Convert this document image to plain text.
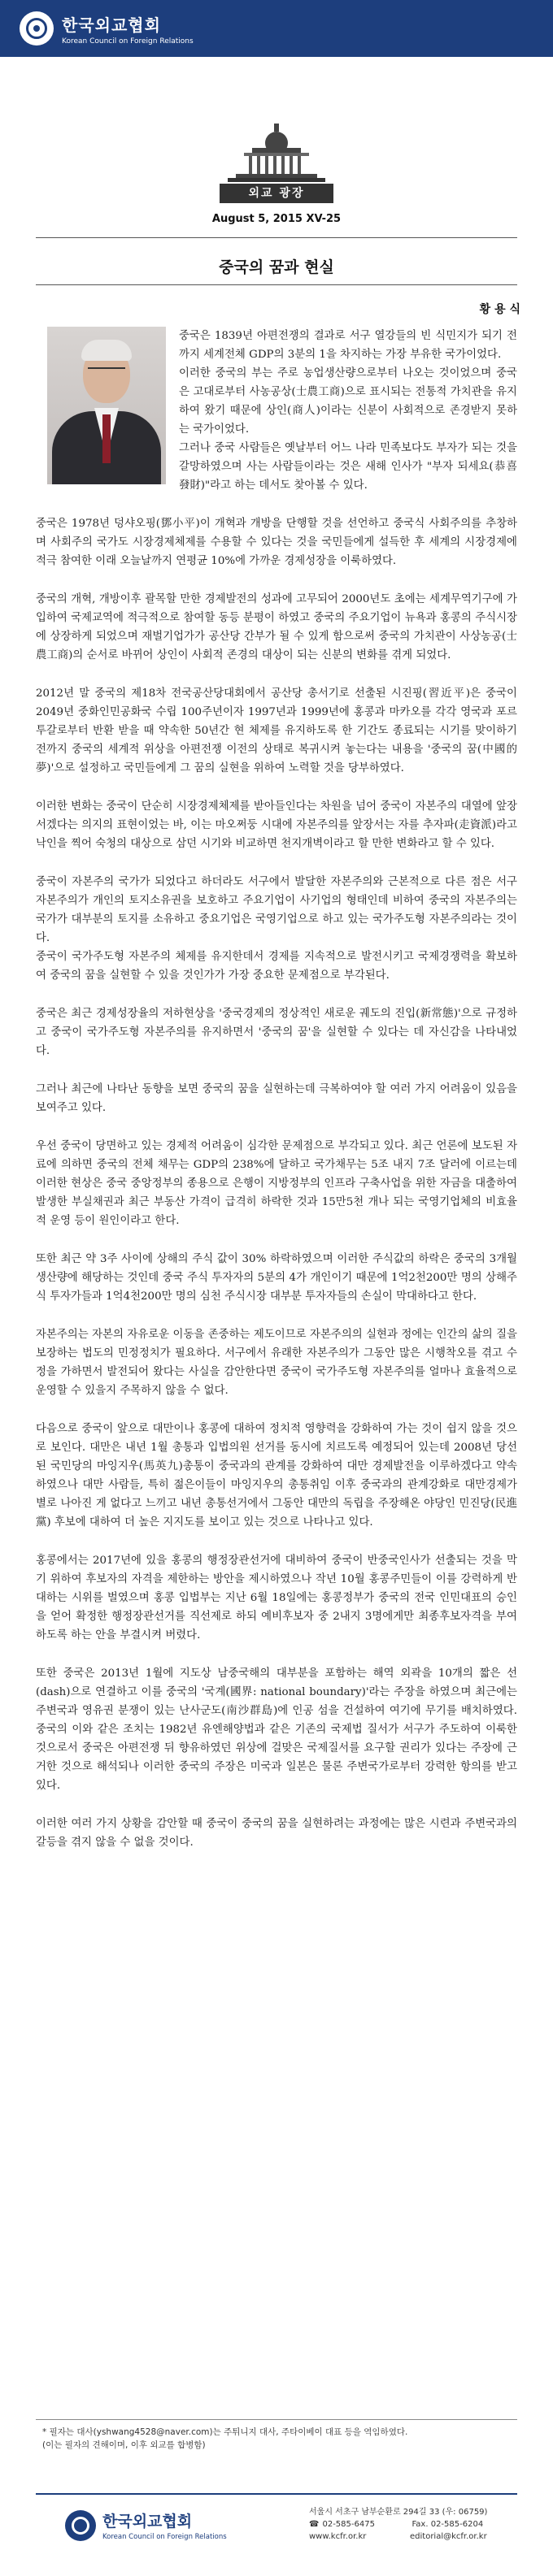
한국외교협회
Korean Council on Foreign Relations
외교 광장
August 5, 2015 XV-25
중국의 꿈과 현실
황 용 식

중국은 1839년 아편전쟁의 결과로 서구 열강들의 빈 식민지가 되기 전까지 세계전체 GDP의 3분의 1을 차지하는 가장 부유한 국가이었다.
이러한 중국의 부는 주로 농업생산량으로부터 나오는 것이었으며 중국은 고대로부터 사농공상(士農工商)으로 표시되는 전통적 가치관을 유지하여 왔기 때문에 상인(商人)이라는 신분이 사회적으로 존경받지 못하는 국가이었다.
그러나 중국 사람들은 옛날부터 어느 나라 민족보다도 부자가 되는 것을 갈망하였으며 사는 사람들이라는 것은 새해 인사가 "부자 되세요(恭喜發財)"라고 하는 데서도 찾아볼 수 있다.

중국은 1978년 덩샤오핑(鄧小平)이 개혁과 개방을 단행할 것을 선언하고 중국식 사회주의를 추창하며 사회주의 국가도 시장경제체제를 수용할 수 있다는 것을 국민들에게 설득한 후 세계의 시장경제에 적극 참여한 이래 오늘날까지 연평균 10%에 가까운 경제성장을 이룩하였다.

중국의 개혁, 개방이후 괄목할 만한 경제발전의 성과에 고무되어 2000년도 초에는 세계무역기구에 가입하여 국제교역에 적극적으로 참여할 동등 분평이 하였고 중국의 주요기업이 뉴욕과 홍콩의 주식시장에 상장하게 되었으며 재벌기업가가 공산당 간부가 될 수 있게 함으로써 중국의 가치관이 사상농공(士農工商)의 순서로 바뀌어 상인이 사회적 존경의 대상이 되는 신분의 변화를 겪게 되었다.

2012년 말 중국의 제18차 전국공산당대회에서 공산당 총서기로 선출된 시진핑(習近平)은 중국이 2049년 중화인민공화국 수립 100주년이자 1997년과 1999년에 홍콩과 마카오를 각각 영국과 포르투갈로부터 반환 받을 때 약속한 50년간 현 체제를 유지하도록 한 기간도 종료되는 시기를 맞이하기 전까지 중국의 세계적 위상을 아편전쟁 이전의 상태로 복귀시켜 놓는다는 내용을 '중국의 꿈(中國的夢)'으로 설정하고 국민들에게 그 꿈의 실현을 위하여 노력할 것을 당부하였다.

이러한 변화는 중국이 단순히 시장경제체제를 받아들인다는 차원을 넘어 중국이 자본주의 대열에 앞장서겠다는 의지의 표현이었는 바, 이는 마오쩌둥 시대에 자본주의를 앞장서는 자를 추자파(走資派)라고 낙인을 찍어 숙청의 대상으로 삼던 시기와 비교하면 천지개벽이라고 할 만한 변화라고 할 수 있다.

중국이 자본주의 국가가 되었다고 하더라도 서구에서 발달한 자본주의와 근본적으로 다른 점은 서구 자본주의가 개인의 토지소유권을 보호하고 주요기업이 사기업의 형태인데 비하여 중국의 자본주의는 국가가 대부분의 토지를 소유하고 중요기업은 국영기업으로 하고 있는 국가주도형 자본주의라는 것이다.
중국이 국가주도형 자본주의 체제를 유지한데서 경제를 지속적으로 발전시키고 국제경쟁력을 확보하여 중국의 꿈을 실현할 수 있을 것인가가 가장 중요한 문제점으로 부각된다.

중국은 최근 경제성장율의 저하현상을 '중국경제의 정상적인 새로운 궤도의 진입(新常態)'으로 규정하고 중국이 국가주도형 자본주의를 유지하면서 '중국의 꿈'을 실현할 수 있다는 데 자신감을 나타내었다.

그러나 최근에 나타난 동향을 보면 중국의 꿈을 실현하는데 극복하여야 할 여러 가지 어려움이 있음을 보여주고 있다.

우선 중국이 당면하고 있는 경제적 어려움이 심각한 문제점으로 부각되고 있다. 최근 언론에 보도된 자료에 의하면 중국의 전체 채무는 GDP의 238%에 달하고 국가채무는 5조 내지 7조 달러에 이르는데 이러한 현상은 중국 중앙정부의 종용으로 은행이 지방정부의 인프라 구축사업을 위한 자금을 대출하여 발생한 부실채권과 최근 부동산 가격이 급격히 하락한 것과 15만5천 개나 되는 국영기업체의 비효율적 운영 등이 원인이라고 한다.

또한 최근 약 3주 사이에 상해의 주식 값이 30% 하락하였으며 이러한 주식값의 하락은 중국의 3개월 생산량에 해당하는 것인데 중국 주식 투자자의 5분의 4가 개인이기 때문에 1억2천200만 명의 상해주식 투자가들과 1억4천200만 명의 심천 주식시장 대부분 투자자들의 손실이 막대하다고 한다.

자본주의는 자본의 자유로운 이동을 존중하는 제도이므로 자본주의의 실현과 정에는 인간의 삶의 질을 보장하는 법도의 민정정치가 필요하다. 서구에서 유래한 자본주의가 그동안 많은 시행착오를 겪고 수정을 가하면서 발전되어 왔다는 사실을 감안한다면 중국이 국가주도형 자본주의를 얼마나 효율적으로 운영할 수 있을지 주목하지 않을 수 없다.

다음으로 중국이 앞으로 대만이나 홍콩에 대하여 정치적 영향력을 강화하여 가는 것이 쉽지 않을 것으로 보인다. 대만은 내년 1월 총통과 입법의원 선거를 동시에 치르도록 예정되어 있는데 2008년 당선된 국민당의 마잉지우(馬英九)총통이 중국과의 관계를 강화하여 대만 경제발전을 이루하겠다고 약속하였으나 대만 사람들, 특히 젊은이들이 마잉지우의 총통취임 이후 중국과의 관계강화로 대만경제가 별로 나아진 게 없다고 느끼고 내년 총통선거에서 그동안 대만의 독립을 주장해온 야당인 민진당(民進黨) 후보에 대하여 더 높은 지지도를 보이고 있는 것으로 나타나고 있다.

홍콩에서는 2017년에 있을 홍콩의 행정장관선거에 대비하여 중국이 반중국인사가 선출되는 것을 막기 위하여 후보자의 자격을 제한하는 방안을 제시하였으나 작년 10월 홍콩주민들이 이를 강력하게 반대하는 시위를 벌였으며 홍콩 입법부는 지난 6월 18일에는 홍콩정부가 중국의 전국 인민대표의 승인을 얻어 확정한 행정장관선거를 직선제로 하되 예비후보자 중 2내지 3명에게만 최종후보자격을 부여하도록 하는 안을 부결시켜 버렸다.

또한 중국은 2013년 1월에 지도상 남중국해의 대부분을 포함하는 해역 외곽을 10개의 짧은 선(dash)으로 연결하고 이를 중국의 '국계(國界: national boundary)'라는 주장을 하였으며 최근에는 주변국과 영유권 분쟁이 있는 난사군도(南沙群島)에 인공 섬을 건설하여 여기에 무기를 배치하였다. 중국의 이와 같은 조치는 1982년 유엔해양법과 같은 기존의 국제법 질서가 서구가 주도하여 이룩한 것으로서 중국은 아편전쟁 뒤 향유하였던 위상에 걸맞은 국제질서를 요구할 권리가 있다는 주장에 근거한 것으로 해석되나 이러한 중국의 주장은 미국과 일본은 물론 주변국가로부터 강력한 항의를 받고 있다.

이러한 여러 가지 상황을 감안할 때 중국이 중국의 꿈을 실현하려는 과정에는 많은 시련과 주변국과의 갈등을 겪지 않을 수 없을 것이다.

* 필자는 대사(yshwang4528@naver.com)는 주튀니지 대사, 주타이베이 대표 등을 역임하였다.
(이는 필자의 견해이며, 이후 외교를 합병함)
한국외교협회
Korean Council on Foreign Relations
서울시 서초구 남부순환로 294길 33 (우: 06759)
☎ 02-585-6475	Fax. 02-585-6204
www.kcfr.or.kr	editorial@kcfr.or.kr
